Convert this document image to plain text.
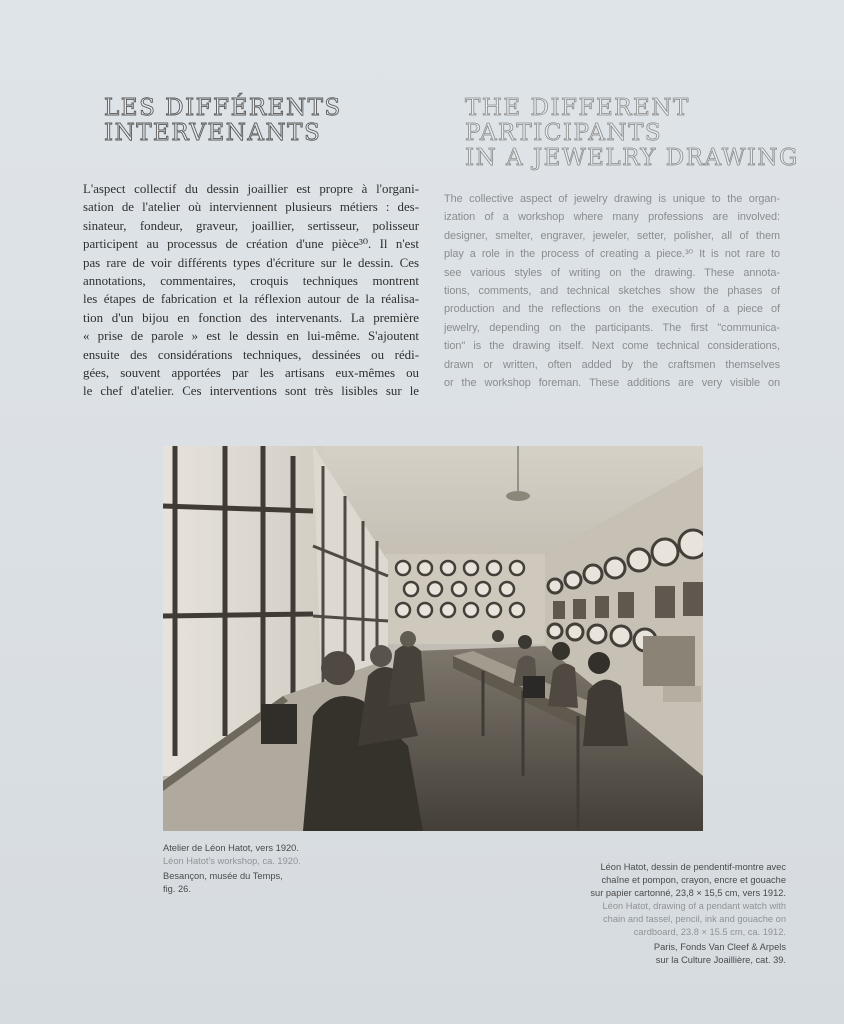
LES DIFFÉRENTS
INTERVENANTS
THE DIFFERENT
PARTICIPANTS
IN A JEWELRY DRAWING
L'aspect collectif du dessin joaillier est propre à l'organi-
sation de l'atelier où interviennent plusieurs métiers : des-
sinateur, fondeur, graveur, joaillier, sertisseur, polisseur
participent au processus de création d'une pièce³⁰. Il n'est
pas rare de voir différents types d'écriture sur le dessin. Ces
annotations, commentaires, croquis techniques montrent
les étapes de fabrication et la réflexion autour de la réalisa-
tion d'un bijou en fonction des intervenants. La première
« prise de parole » est le dessin en lui-même. S'ajoutent
ensuite des considérations techniques, dessinées ou rédi-
gées, souvent apportées par les artisans eux-mêmes ou
le chef d'atelier. Ces interventions sont très lisibles sur le
The collective aspect of jewelry drawing is unique to the organ-
ization of a workshop where many professions are involved:
designer, smelter, engraver, jeweler, setter, polisher, all of them
play a role in the process of creating a piece.³⁰ It is not rare to
see various styles of writing on the drawing. These annota-
tions, comments, and technical sketches show the phases of
production and the reflections on the execution of a piece of
jewelry, depending on the participants. The first "communica-
tion" is the drawing itself. Next come technical considerations,
drawn or written, often added by the craftsmen themselves
or the workshop foreman. These additions are very visible on
Atelier de Léon Hatot, vers 1920.
Léon Hatot's workshop, ca. 1920.
Besançon, musée du Temps,
fig. 26.
Léon Hatot, dessin de pendentif-montre avec
chaîne et pompon, crayon, encre et gouache
sur papier cartonné, 23,8 × 15,5 cm, vers 1912.
Léon Hatot, drawing of a pendant watch with
chain and tassel, pencil, ink and gouache on
cardboard, 23.8 × 15.5 cm, ca. 1912.
Paris, Fonds Van Cleef & Arpels
sur la Culture Joaillière, cat. 39.
